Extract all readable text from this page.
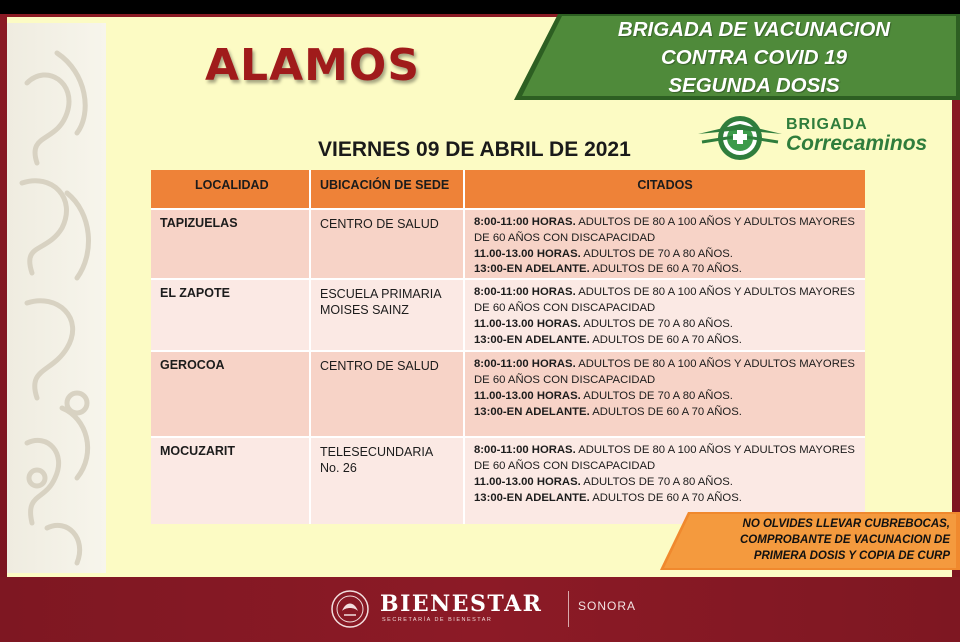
ALAMOS
BRIGADA DE VACUNACION
CONTRA COVID 19
SEGUNDA DOSIS
BRIGADA
Correcaminos
VIERNES 09 DE ABRIL DE 2021
LOCALIDAD	UBICACIÓN DE SEDE	CITADOS

TAPIZUELAS	CENTRO DE SALUD	8:00-11:00 HORAS. ADULTOS DE 80 A 100 AÑOS Y ADULTOS MAYORES DE 60 AÑOS CON DISCAPACIDAD
11.00-13.00 HORAS. ADULTOS DE 70 A 80 AÑOS.
13:00-EN ADELANTE. ADULTOS DE 60 A 70 AÑOS.
EL ZAPOTE	ESCUELA PRIMARIA MOISES SAINZ	8:00-11:00 HORAS. ADULTOS DE 80 A 100 AÑOS Y ADULTOS MAYORES DE 60 AÑOS CON DISCAPACIDAD
11.00-13.00 HORAS. ADULTOS DE 70 A 80 AÑOS.
13:00-EN ADELANTE. ADULTOS DE 60 A 70 AÑOS.
GEROCOA	CENTRO DE SALUD	8:00-11:00 HORAS. ADULTOS DE 80 A 100 AÑOS Y ADULTOS MAYORES DE 60 AÑOS CON DISCAPACIDAD
11.00-13.00 HORAS. ADULTOS DE 70 A 80 AÑOS.
13:00-EN ADELANTE. ADULTOS DE 60 A 70 AÑOS.
MOCUZARIT	TELESECUNDARIA No. 26	8:00-11:00 HORAS. ADULTOS DE 80 A 100 AÑOS Y ADULTOS MAYORES DE 60 AÑOS CON DISCAPACIDAD
11.00-13.00 HORAS. ADULTOS DE 70 A 80 AÑOS.
13:00-EN ADELANTE. ADULTOS DE 60 A 70 AÑOS.
NO OLVIDES LLEVAR CUBREBOCAS,
COMPROBANTE DE VACUNACION DE
PRIMERA DOSIS Y COPIA DE CURP
BIENESTAR
SECRETARÍA DE BIENESTAR
SONORA
